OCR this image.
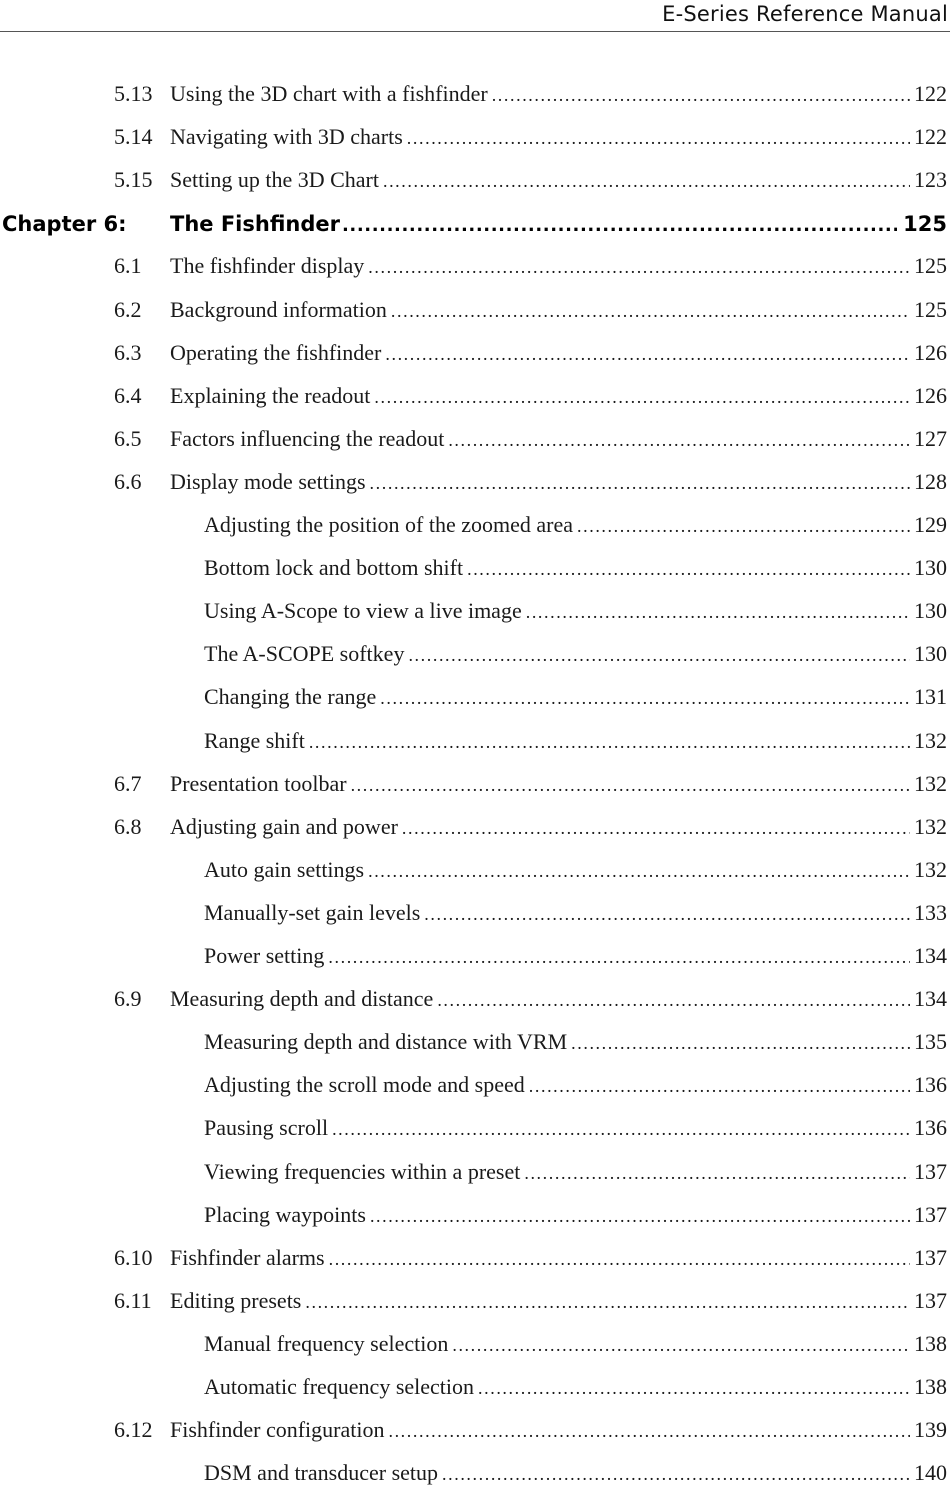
E-Series Reference Manual
5.13 Using the 3D chart with a fishfinder .....	122
5.14 Navigating with 3D charts .....	122
5.15 Setting up the 3D Chart .....	123
Chapter 6: The Fishfinder .....	125
6.1 The fishfinder display .....	125
6.2 Background information .....	125
6.3 Operating the fishfinder .....	126
6.4 Explaining the readout .....	126
6.5 Factors influencing the readout .....	127
6.6 Display mode settings .....	128
Adjusting the position of the zoomed area .....	129
Bottom lock and bottom shift .....	130
Using A-Scope to view a live image .....	130
The A-SCOPE softkey .....	130
Changing the range .....	131
Range shift .....	132
6.7 Presentation toolbar .....	132
6.8 Adjusting gain and power .....	132
Auto gain settings .....	132
Manually-set gain levels .....	133
Power setting .....	134
6.9 Measuring depth and distance .....	134
Measuring depth and distance with VRM .....	135
Adjusting the scroll mode and speed .....	136
Pausing scroll .....	136
Viewing frequencies within a preset .....	137
Placing waypoints .....	137
6.10 Fishfinder alarms .....	137
6.11 Editing presets .....	137
Manual frequency selection .....	138
Automatic frequency selection .....	138
6.12 Fishfinder configuration .....	139
DSM and transducer setup .....	140
